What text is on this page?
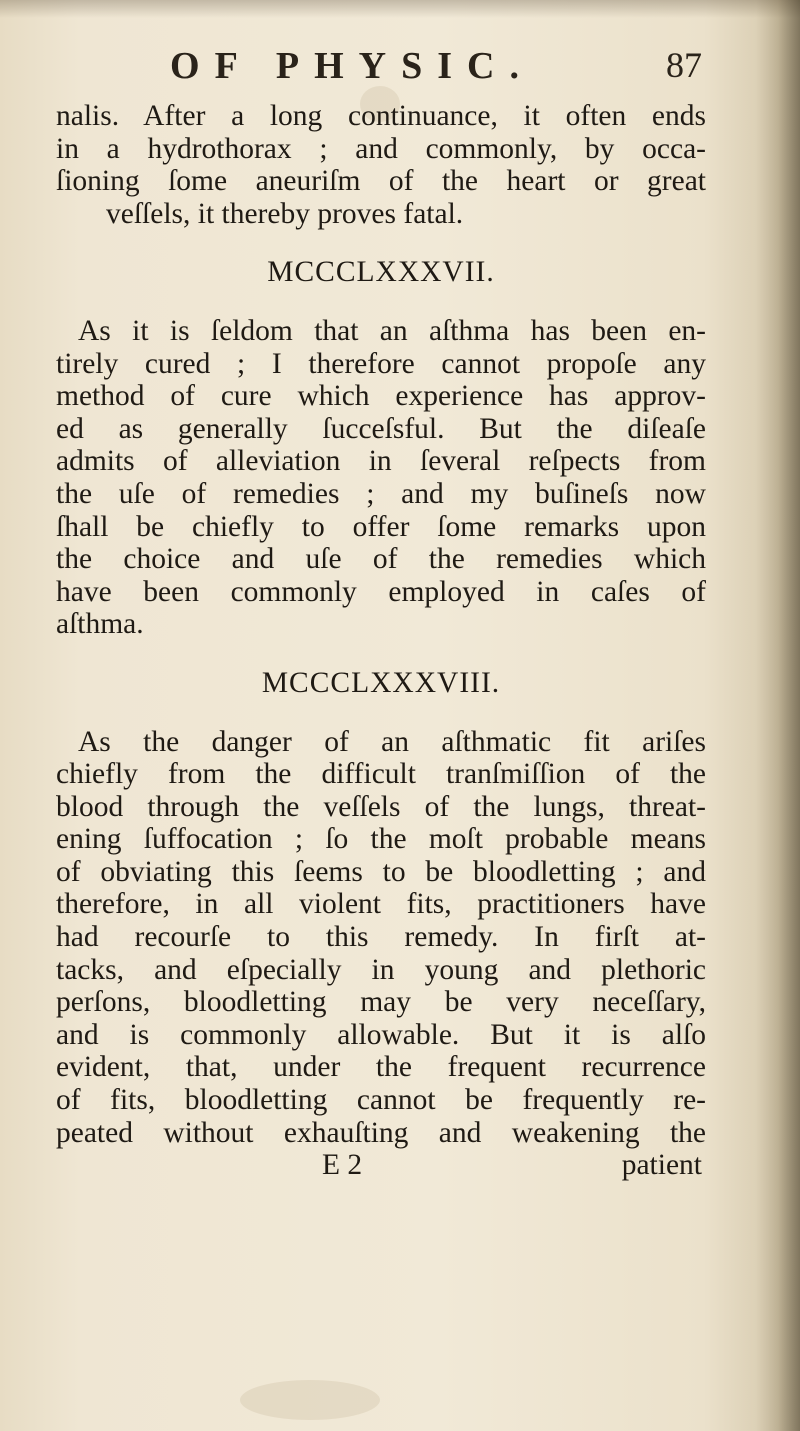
OF PHYSIC.	87
nalis. After a long continuance, it often ends
in a hydrothorax ; and commonly, by occa-
ſioning ſome aneuriſm of the heart or great
veſſels, it thereby proves fatal.
MCCCLXXXVII.
As it is ſeldom that an aſthma has been en-
tirely cured ; I therefore cannot propoſe any
method of cure which experience has approv-
ed as generally ſucceſsful. But the diſeaſe
admits of alleviation in ſeveral reſpects from
the uſe of remedies ; and my buſineſs now
ſhall be chiefly to offer ſome remarks upon
the choice and uſe of the remedies which
have been commonly employed in caſes of
aſthma.
MCCCLXXXVIII.
As the danger of an aſthmatic fit ariſes
chiefly from the difficult tranſmiſſion of the
blood through the veſſels of the lungs, threat-
ening ſuffocation ; ſo the moſt probable means
of obviating this ſeems to be bloodletting ; and
therefore, in all violent fits, practitioners have
had recourſe to this remedy. In firſt at-
tacks, and eſpecially in young and plethoric
perſons, bloodletting may be very neceſſary,
and is commonly allowable. But it is alſo
evident, that, under the frequent recurrence
of fits, bloodletting cannot be frequently re-
peated without exhauſting and weakening the
E 2	patient
